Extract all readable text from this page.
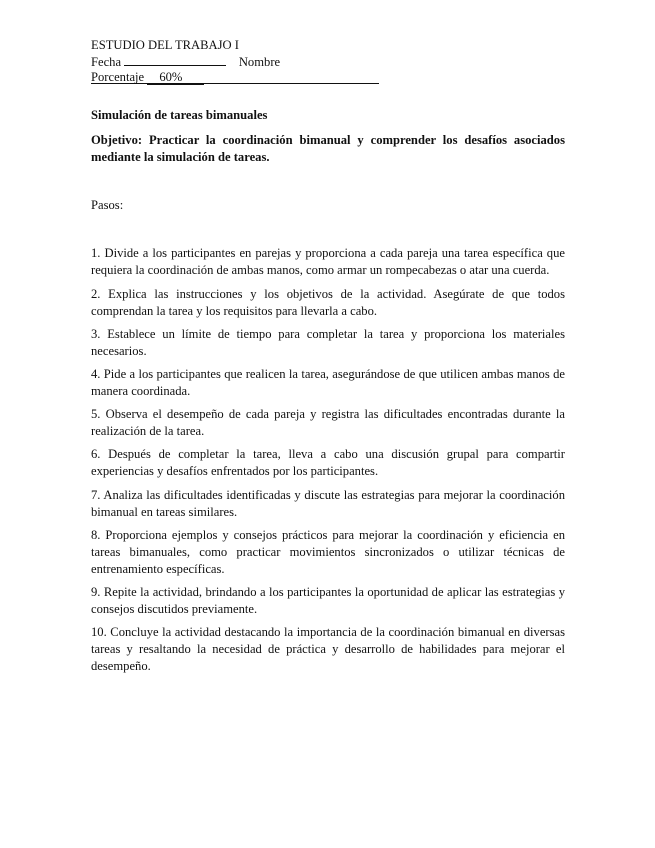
ESTUDIO DEL TRABAJO I
Fecha	Nombre
Porcentaje 60%
Simulación de tareas bimanuales
Objetivo: Practicar la coordinación bimanual y comprender los desafíos asociados mediante la simulación de tareas.
Pasos:
1. Divide a los participantes en parejas y proporciona a cada pareja una tarea específica que requiera la coordinación de ambas manos, como armar un rompecabezas o atar una cuerda.
2. Explica las instrucciones y los objetivos de la actividad. Asegúrate de que todos comprendan la tarea y los requisitos para llevarla a cabo.
3. Establece un límite de tiempo para completar la tarea y proporciona los materiales necesarios.
4. Pide a los participantes que realicen la tarea, asegurándose de que utilicen ambas manos de manera coordinada.
5. Observa el desempeño de cada pareja y registra las dificultades encontradas durante la realización de la tarea.
6. Después de completar la tarea, lleva a cabo una discusión grupal para compartir experiencias y desafíos enfrentados por los participantes.
7. Analiza las dificultades identificadas y discute las estrategias para mejorar la coordinación bimanual en tareas similares.
8. Proporciona ejemplos y consejos prácticos para mejorar la coordinación y eficiencia en tareas bimanuales, como practicar movimientos sincronizados o utilizar técnicas de entrenamiento específicas.
9. Repite la actividad, brindando a los participantes la oportunidad de aplicar las estrategias y consejos discutidos previamente.
10. Concluye la actividad destacando la importancia de la coordinación bimanual en diversas tareas y resaltando la necesidad de práctica y desarrollo de habilidades para mejorar el desempeño.
